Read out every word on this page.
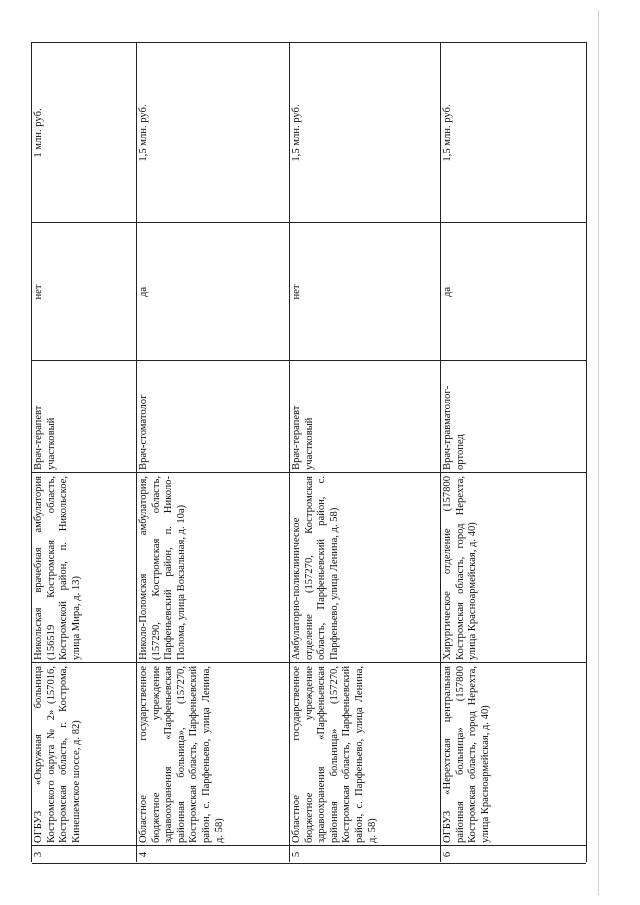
3
ОГБУЗ «Окружная больница Костромского округа № 2» (157016, Костромская область, г. Кострома, Кинешемское шоссе, д. 82)
Никольская врачебная амбулатория (156519 Костромская область, Костромской район, п. Никольское, улица Мира, д. 13)
Врач-терапевт участковый
нет
1 млн. руб.
4
Областное государственное бюджетное учреждение здравоохранения «Парфеньевская районная больница», (157270, Костромская область, Парфеньевский район, с. Парфеньево, улица Ленина, д. 58)
Николо-Поломская амбулатория, (157290, Костромская область, Парфеньевский район, п. Николо-Полома, улица Вокзальная, д. 10а)
Врач-стоматолог
да
1,5 млн. руб.
5
Областное государственное бюджетное учреждение здравоохранения «Парфеньевская районная больница» (157270, Костромская область, Парфеньевский район, с. Парфеньево, улица Ленина, д. 58)
Амбулаторно-поликлиническое отделение (157270, Костромская область, Парфеньевский район, с. Парфеньево, улица Ленина, д. 58)
Врач-терапевт участковый
нет
1,5 млн. руб.
6
ОГБУЗ «Нерехтская центральная районная больница» (157800 Костромская область, город Нерехта, улица Красноармейская, д. 40)
Хирургическое отделение (157800 Костромская область, город Нерехта, улица Красноармейская, д. 40)
Врач-травматолог-ортопед
да
1,5 млн. руб.
